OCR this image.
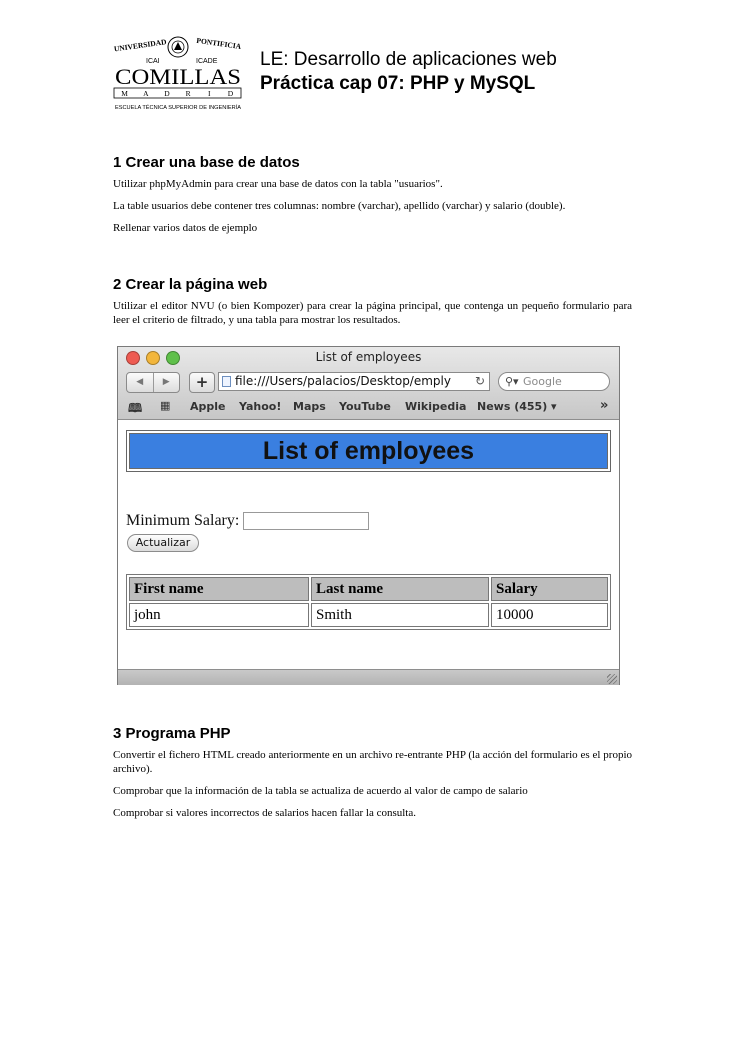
UNIVERSIDAD	PONTIFICIA
ICAI	ICADE
COMILLAS
M A D R I D
ESCUELA TÉCNICA SUPERIOR DE INGENIERÍA
LE: Desarrollo de aplicaciones web
Práctica cap 07: PHP y MySQL
1 Crear una base de datos

Utilizar phpMyAdmin para crear una base de datos con la tabla "usuarios".

La table usuarios debe contener tres columnas: nombre (varchar), apellido (varchar) y salario (double).

Rellenar varios datos de ejemplo

2 Crear la página web

Utilizar el editor NVU (o bien Kompozer) para crear la página principal, que contenga un pequeño formulario para leer el criterio de filtrado, y una tabla para mostrar los resultados.

List of employees
◀	▶	+	file:///Users/palacios/Desktop/emply ↻ ⚲▾ Google
🕮 ▦ Apple Yahoo! Maps YouTube Wikipedia News (455) ▾	»
List of employees
Minimum Salary:
Actualizar
First name	Last name	Salary
john	Smith	10000
3 Programa PHP

Convertir el fichero HTML creado anteriormente en un archivo re-entrante PHP (la acción del formulario es el propio archivo).

Comprobar que la información de la tabla se actualiza de acuerdo al valor de campo de salario

Comprobar si valores incorrectos de salarios hacen fallar la consulta.
